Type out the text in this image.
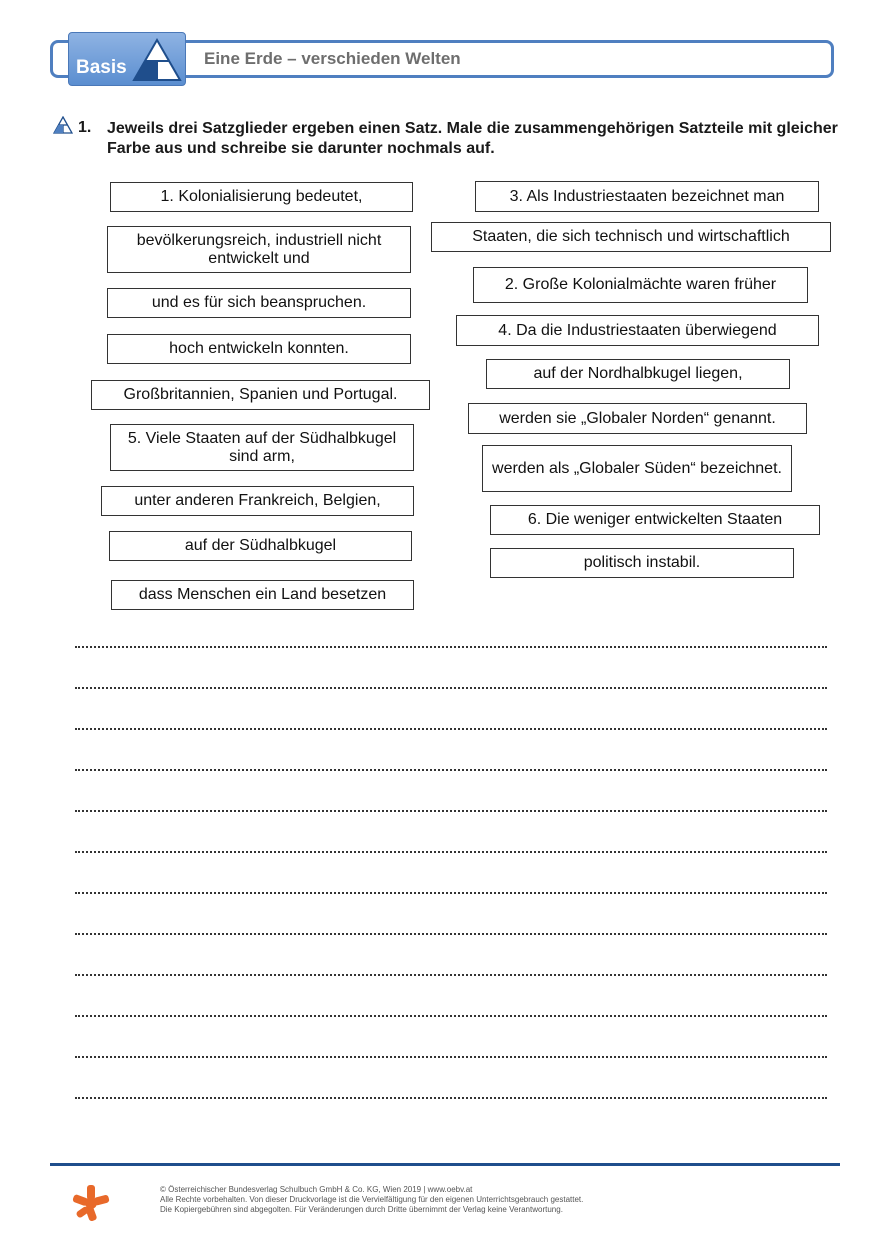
Basis	Eine Erde – verschieden Welten
1. Jeweils drei Satzglieder ergeben einen Satz. Male die zusammengehörigen Satzteile mit gleicher Farbe aus und schreibe sie darunter nochmals auf.
1. Kolonialisierung bedeutet,
bevölkerungsreich, industriell nicht entwickelt und
und es für sich beanspruchen.
hoch entwickeln konnten.
Großbritannien, Spanien und Portugal.
5. Viele Staaten auf der Südhalbkugel sind arm,
unter anderen Frankreich, Belgien,
auf der Südhalbkugel
dass Menschen ein Land besetzen
3. Als Industriestaaten bezeichnet man
Staaten, die sich technisch und wirtschaftlich
2. Große Kolonialmächte waren früher
4. Da die Industriestaaten überwiegend
auf der Nordhalbkugel liegen,
werden sie „Globaler Norden“ genannt.
werden als „Globaler Süden“ bezeichnet.
6. Die weniger entwickelten Staaten
politisch instabil.
© Österreichischer Bundesverlag Schulbuch GmbH & Co. KG, Wien 2019 | www.oebv.at
Alle Rechte vorbehalten. Von dieser Druckvorlage ist die Vervielfältigung für den eigenen Unterrichtsgebrauch gestattet.
Die Kopiergebühren sind abgegolten. Für Veränderungen durch Dritte übernimmt der Verlag keine Verantwortung.
